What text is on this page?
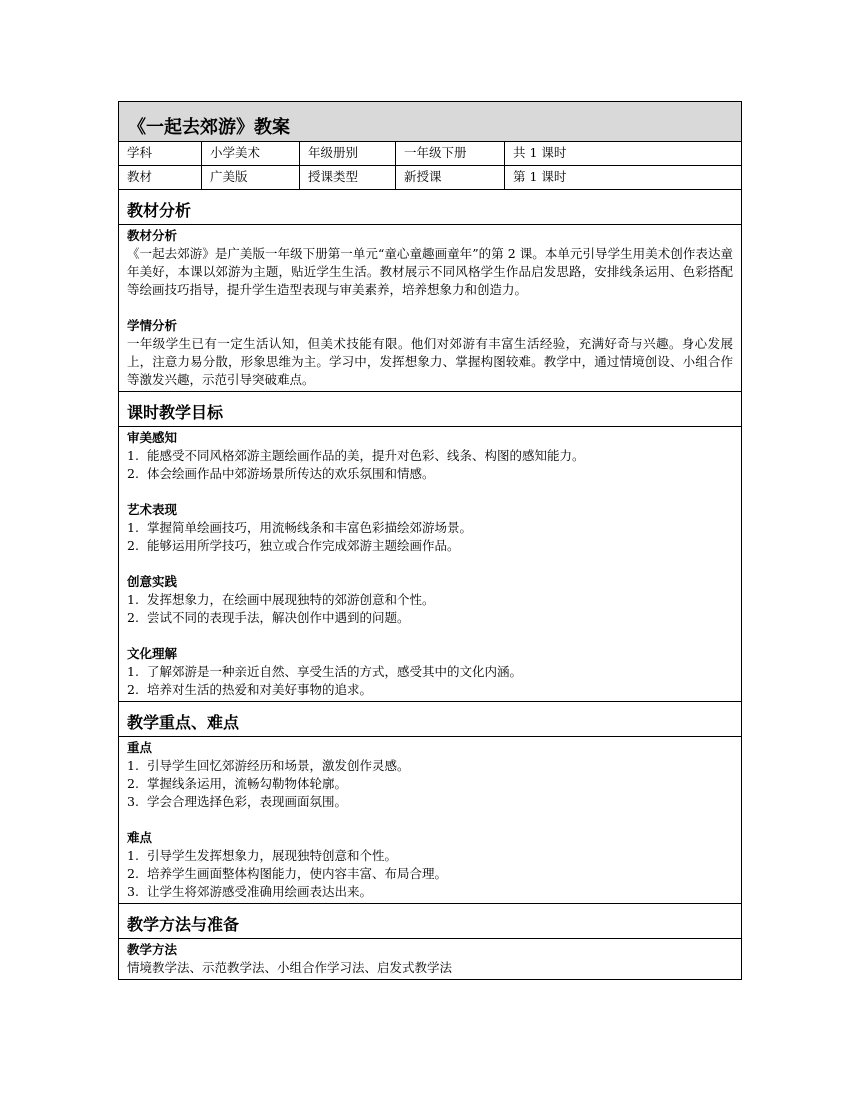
《一起去郊游》教案
学科	小学美术	年级册别	一年级下册	共 1 课时
教材	广美版	授课类型	新授课	第 1 课时
教材分析
教材分析
《一起去郊游》是广美版一年级下册第一单元“童心童趣画童年”的第 2 课。本单元引导学生用美术创作表达童年美好，本课以郊游为主题，贴近学生生活。教材展示不同风格学生作品启发思路，安排线条运用、色彩搭配等绘画技巧指导，提升学生造型表现与审美素养，培养想象力和创造力。
学情分析
一年级学生已有一定生活认知，但美术技能有限。他们对郊游有丰富生活经验，充满好奇与兴趣。身心发展上，注意力易分散，形象思维为主。学习中，发挥想象力、掌握构图较难。教学中，通过情境创设、小组合作等激发兴趣，示范引导突破难点。
课时教学目标
审美感知
1. 能感受不同风格郊游主题绘画作品的美，提升对色彩、线条、构图的感知能力。
2. 体会绘画作品中郊游场景所传达的欢乐氛围和情感。
艺术表现
1. 掌握简单绘画技巧，用流畅线条和丰富色彩描绘郊游场景。
2. 能够运用所学技巧，独立或合作完成郊游主题绘画作品。
创意实践
1. 发挥想象力，在绘画中展现独特的郊游创意和个性。
2. 尝试不同的表现手法，解决创作中遇到的问题。
文化理解
1. 了解郊游是一种亲近自然、享受生活的方式，感受其中的文化内涵。
2. 培养对生活的热爱和对美好事物的追求。
教学重点、难点
重点
1. 引导学生回忆郊游经历和场景，激发创作灵感。
2. 掌握线条运用，流畅勾勒物体轮廓。
3. 学会合理选择色彩，表现画面氛围。
难点
1. 引导学生发挥想象力，展现独特创意和个性。
2. 培养学生画面整体构图能力，使内容丰富、布局合理。
3. 让学生将郊游感受准确用绘画表达出来。
教学方法与准备
教学方法
情境教学法、示范教学法、小组合作学习法、启发式教学法
